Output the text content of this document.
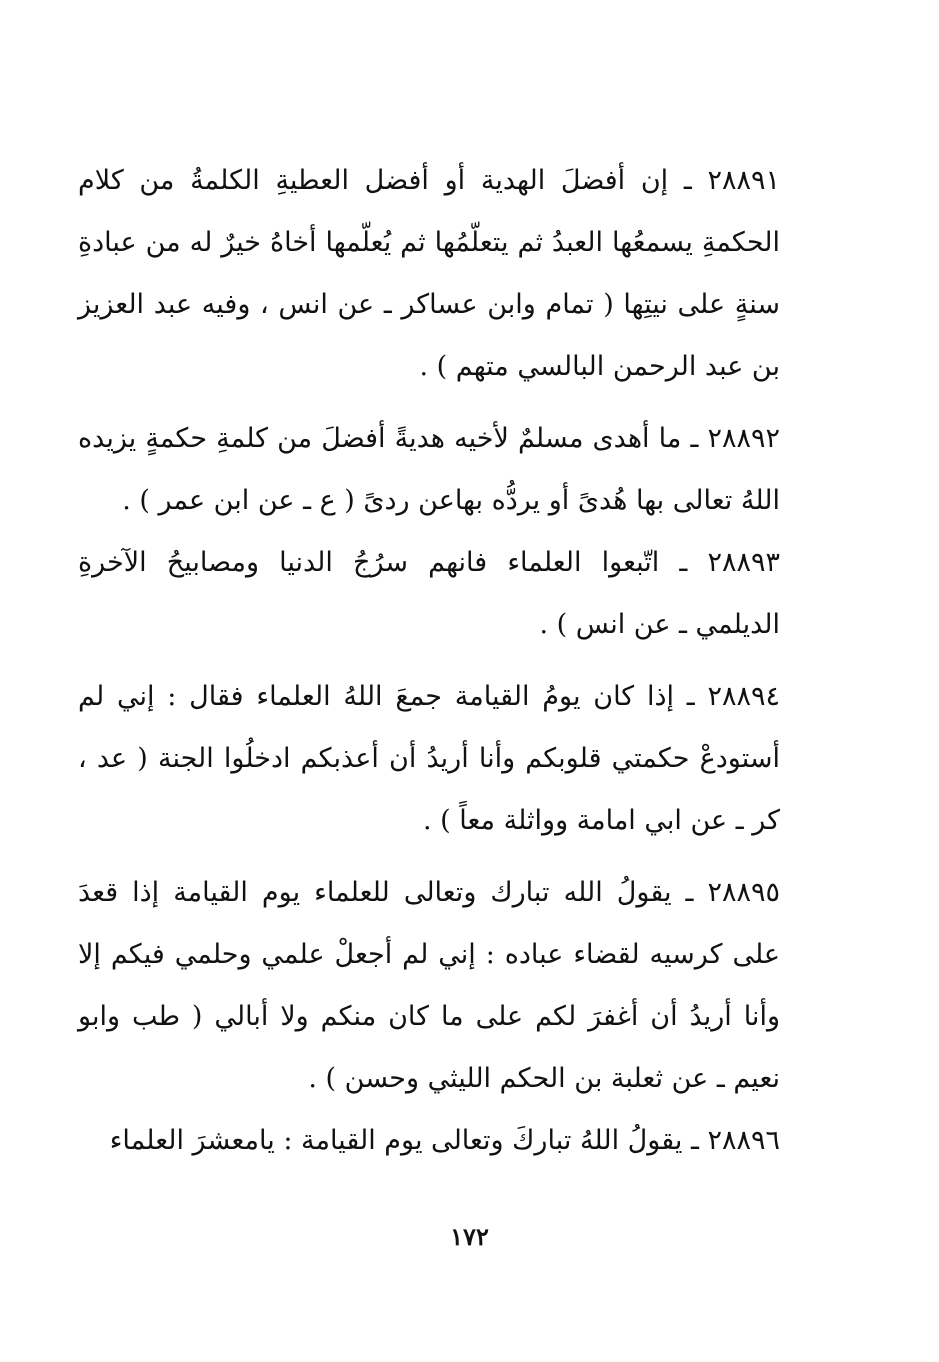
٢٨٨٩١ ـ إن أفضلَ الهدية أو أفضل العطيةِ الكلمةُ من كلام الحكمةِ يسمعُها العبدُ ثم يتعلّمُها ثم يُعلّمها أخاهُ خيرٌ له من عبادةِ سنةٍ على نيتِها ( تمام وابن عساكر ـ عن انس ، وفيه عبد العزيز بن عبد الرحمن البالسي متهم ) .

٢٨٨٩٢ ـ ما أهدى مسلمٌ لأخيه هديةً أفضلَ من كلمةِ حكمةٍ يزيده اللهُ تعالى بها هُدىً أو يردُّه بهاعن ردىً ( ع ـ عن ابن عمر ) .

٢٨٨٩٣ ـ اتّبعوا العلماء فانهم سرُجُ الدنيا ومصابيحُ الآخرةِ الديلمي ـ عن انس ) .

٢٨٨٩٤ ـ إذا كان يومُ القيامة جمعَ اللهُ العلماء فقال : إني لم أستودعْ حكمتي قلوبكم وأنا أريدُ أن أعذبكم ادخلُوا الجنة ( عد ، كر ـ عن ابي امامة وواثلة معاً ) .

٢٨٨٩٥ ـ يقولُ الله تبارك وتعالى للعلماء يوم القيامة إذا قعدَ على كرسيه لقضاء عباده : إني لم أجعلْ علمي وحلمي فيكم إلا وأنا أريدُ أن أغفرَ لكم على ما كان منكم ولا أبالي ( طب وابو نعيم ـ عن ثعلبة بن الحكم الليثي وحسن ) .

٢٨٨٩٦ ـ يقولُ اللهُ تباركَ وتعالى يوم القيامة : يامعشرَ العلماء

١٧٢
